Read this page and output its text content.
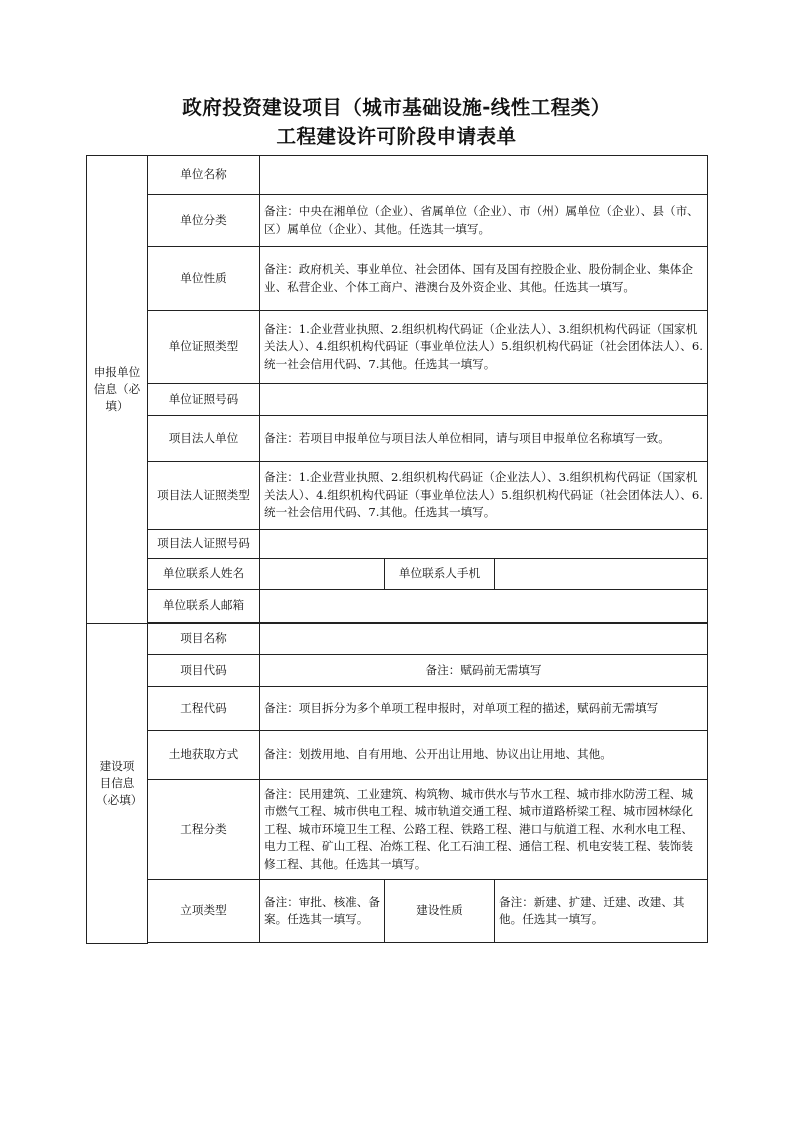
政府投资建设项目（城市基础设施-线性工程类）
工程建设许可阶段申请表单
申报单位信息（必填）	单位名称			
	单位分类	备注：中央在湘单位（企业）、省属单位（企业）、市（州）属单位（企业）、县（市、区）属单位（企业）、其他。任选其一填写。		
	单位性质	备注：政府机关、事业单位、社会团体、国有及国有控股企业、股份制企业、集体企业、私营企业、个体工商户、港澳台及外资企业、其他。任选其一填写。		
	单位证照类型	备注：1.企业营业执照、2.组织机构代码证（企业法人）、3.组织机构代码证（国家机关法人）、4.组织机构代码证（事业单位法人）5.组织机构代码证（社会团体法人）、6.统一社会信用代码、7.其他。任选其一填写。		
	单位证照号码			
	项目法人单位	备注：若项目申报单位与项目法人单位相同，请与项目申报单位名称填写一致。		
	项目法人证照类型	备注：1.企业营业执照、2.组织机构代码证（企业法人）、3.组织机构代码证（国家机关法人）、4.组织机构代码证（事业单位法人）5.组织机构代码证（社会团体法人）、6.统一社会信用代码、7.其他。任选其一填写。		
	项目法人证照号码			
	单位联系人姓名		单位联系人手机	
	单位联系人邮箱			

建设项目信息（必填）	项目名称			
	项目代码	备注：赋码前无需填写		
	工程代码	备注：项目拆分为多个单项工程申报时，对单项工程的描述，赋码前无需填写		
	土地获取方式	备注：划拨用地、自有用地、公开出让用地、协议出让用地、其他。		
	工程分类	备注：民用建筑、工业建筑、构筑物、城市供水与节水工程、城市排水防涝工程、城市燃气工程、城市供电工程、城市轨道交通工程、城市道路桥梁工程、城市园林绿化工程、城市环境卫生工程、公路工程、铁路工程、港口与航道工程、水利水电工程、电力工程、矿山工程、冶炼工程、化工石油工程、通信工程、机电安装工程、装饰装修工程、其他。任选其一填写。		
	立项类型	备注：审批、核准、备案。任选其一填写。	建设性质	备注：新建、扩建、迁建、改建、其他。任选其一填写。
